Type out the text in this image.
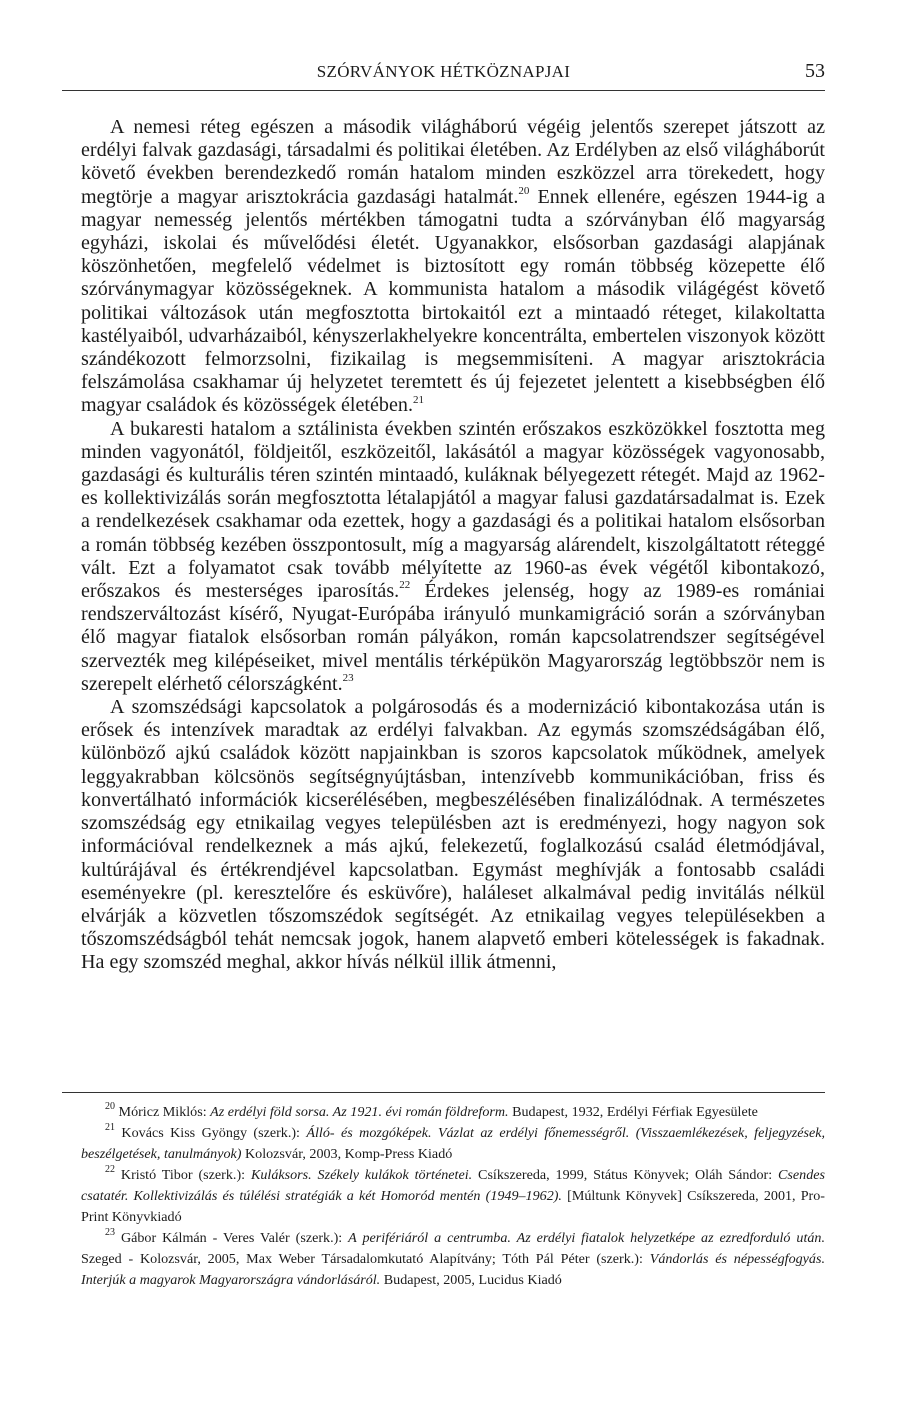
SZÓRVÁNYOK HÉTKÖZNAPJAI	53

A nemesi réteg egészen a második világháború végéig jelentős szerepet játszott az erdélyi falvak gazdasági, társadalmi és politikai életében. Az Erdélyben az első világháborút követő években berendezkedő román hatalom minden eszközzel arra törekedett, hogy megtörje a magyar arisztokrácia gazdasági hatalmát.$^{20}$ Ennek ellenére, egészen 1944-ig a magyar nemesség jelentős mértékben támogatni tudta a szórványban élő magyarság egyházi, iskolai és művelődési életét. Ugyanakkor, elsősorban gazdasági alapjának köszönhetően, megfelelő védelmet is biztosított egy román többség közepette élő szórványmagyar közösségeknek. A kommunista hatalom a második világégést követő politikai változások után megfosztotta birtokaitól ezt a mintaadó réteget, kilakoltatta kastélyaiból, udvarházaiból, kényszerlakhelyekre koncentrálta, embertelen viszonyok között szándékozott felmorzsolni, fizikailag is megsemmisíteni. A magyar arisztokrácia felszámolása csakhamar új helyzetet teremtett és új fejezetet jelentett a kisebbségben élő magyar családok és közösségek életében.$^{21}$

A bukaresti hatalom a sztálinista években szintén erőszakos eszközökkel fosztotta meg minden vagyonától, földjeitől, eszközeitől, lakásától a magyar közösségek vagyonosabb, gazdasági és kulturális téren szintén mintaadó, kuláknak bélyegezett rétegét. Majd az 1962-es kollektivizálás során megfosztotta létalapjától a magyar falusi gazdatársadalmat is. Ezek a rendelkezések csakhamar oda ezettek, hogy a gazdasági és a politikai hatalom elsősorban a román többség kezében összpontosult, míg a magyarság alárendelt, kiszolgáltatott réteggé vált. Ezt a folyamatot csak tovább mélyítette az 1960-as évek végétől kibontakozó, erőszakos és mesterséges iparosítás.$^{22}$ Érdekes jelenség, hogy az 1989-es romániai rendszerváltozást kísérő, Nyugat-Európába irányuló munkamigráció során a szórványban élő magyar fiatalok elsősorban román pályákon, román kapcsolatrendszer segítségével szervezték meg kilépéseiket, mivel mentális térképükön Magyarország legtöbbször nem is szerepelt elérhető célországként.$^{23}$

A szomszédsági kapcsolatok a polgárosodás és a modernizáció kibontakozása után is erősek és intenzívek maradtak az erdélyi falvakban. Az egymás szomszédságában élő, különböző ajkú családok között napjainkban is szoros kapcsolatok működnek, amelyek leggyakrabban kölcsönös segítségnyújtásban, intenzívebb kommunikációban, friss és konvertálható információk kicserélésében, megbeszélésében finalizálódnak. A természetes szomszédság egy etnikailag vegyes településben azt is eredményezi, hogy nagyon sok információval rendelkeznek a más ajkú, felekezetű, foglalkozású család életmódjával, kultúrájával és értékrendjével kapcsolatban. Egymást meghívják a fontosabb családi eseményekre (pl. keresztelőre és esküvőre), haláleset alkalmával pedig invitálás nélkül elvárják a közvetlen tőszomszédok segítségét. Az etnikailag vegyes településekben a tőszomszédságból tehát nemcsak jogok, hanem alapvető emberi kötelességek is fakadnak. Ha egy szomszéd meghal, akkor hívás nélkül illik átmenni,

$^{20}$ Móricz Miklós: Az erdélyi föld sorsa. Az 1921. évi román földreform. Budapest, 1932, Erdélyi Férfiak Egyesülete

$^{21}$ Kovács Kiss Gyöngy (szerk.): Álló- és mozgóképek. Vázlat az erdélyi főnemességről. (Visszaemlékezések, feljegyzések, beszélgetések, tanulmányok) Kolozsvár, 2003, Komp-Press Kiadó

$^{22}$ Kristó Tibor (szerk.): Kuláksors. Székely kulákok történetei. Csíkszereda, 1999, Státus Könyvek; Oláh Sándor: Csendes csatatér. Kollektivizálás és túlélési stratégiák a két Homoród mentén (1949–1962). [Múltunk Könyvek] Csíkszereda, 2001, Pro-Print Könyvkiadó

$^{23}$ Gábor Kálmán - Veres Valér (szerk.): A perifériáról a centrumba. Az erdélyi fiatalok helyzetképe az ezredforduló után. Szeged - Kolozsvár, 2005, Max Weber Társadalomkutató Alapítvány; Tóth Pál Péter (szerk.): Vándorlás és népességfogyás. Interjúk a magyarok Magyarországra vándorlásáról. Budapest, 2005, Lucidus Kiadó
